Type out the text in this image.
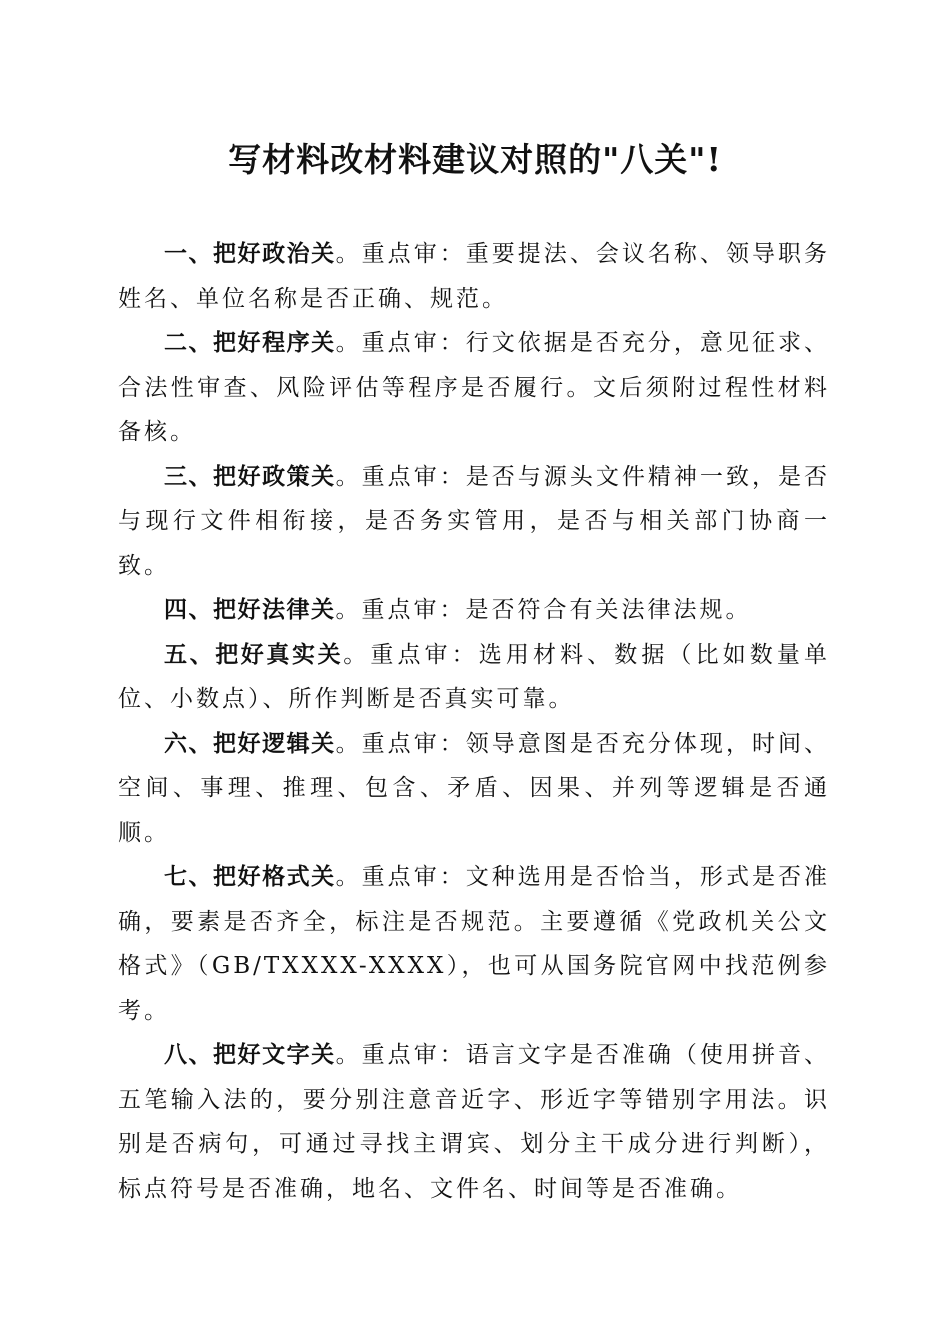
写材料改材料建议对照的"八关"!

一、把好政治关。重点审：重要提法、会议名称、领导职务姓名、单位名称是否正确、规范。

二、把好程序关。重点审：行文依据是否充分，意见征求、合法性审查、风险评估等程序是否履行。文后须附过程性材料备核。

三、把好政策关。重点审：是否与源头文件精神一致，是否与现行文件相衔接，是否务实管用，是否与相关部门协商一致。

四、把好法律关。重点审：是否符合有关法律法规。

五、把好真实关。重点审：选用材料、数据（比如数量单位、小数点）、所作判断是否真实可靠。

六、把好逻辑关。重点审：领导意图是否充分体现，时间、空间、事理、推理、包含、矛盾、因果、并列等逻辑是否通顺。

七、把好格式关。重点审：文种选用是否恰当，形式是否准确，要素是否齐全，标注是否规范。主要遵循《党政机关公文格式》（GB/TXXXX-XXXX），也可从国务院官网中找范例参考。

八、把好文字关。重点审：语言文字是否准确（使用拼音、五笔输入法的，要分别注意音近字、形近字等错别字用法。识别是否病句，可通过寻找主谓宾、划分主干成分进行判断），标点符号是否准确，地名、文件名、时间等是否准确。
